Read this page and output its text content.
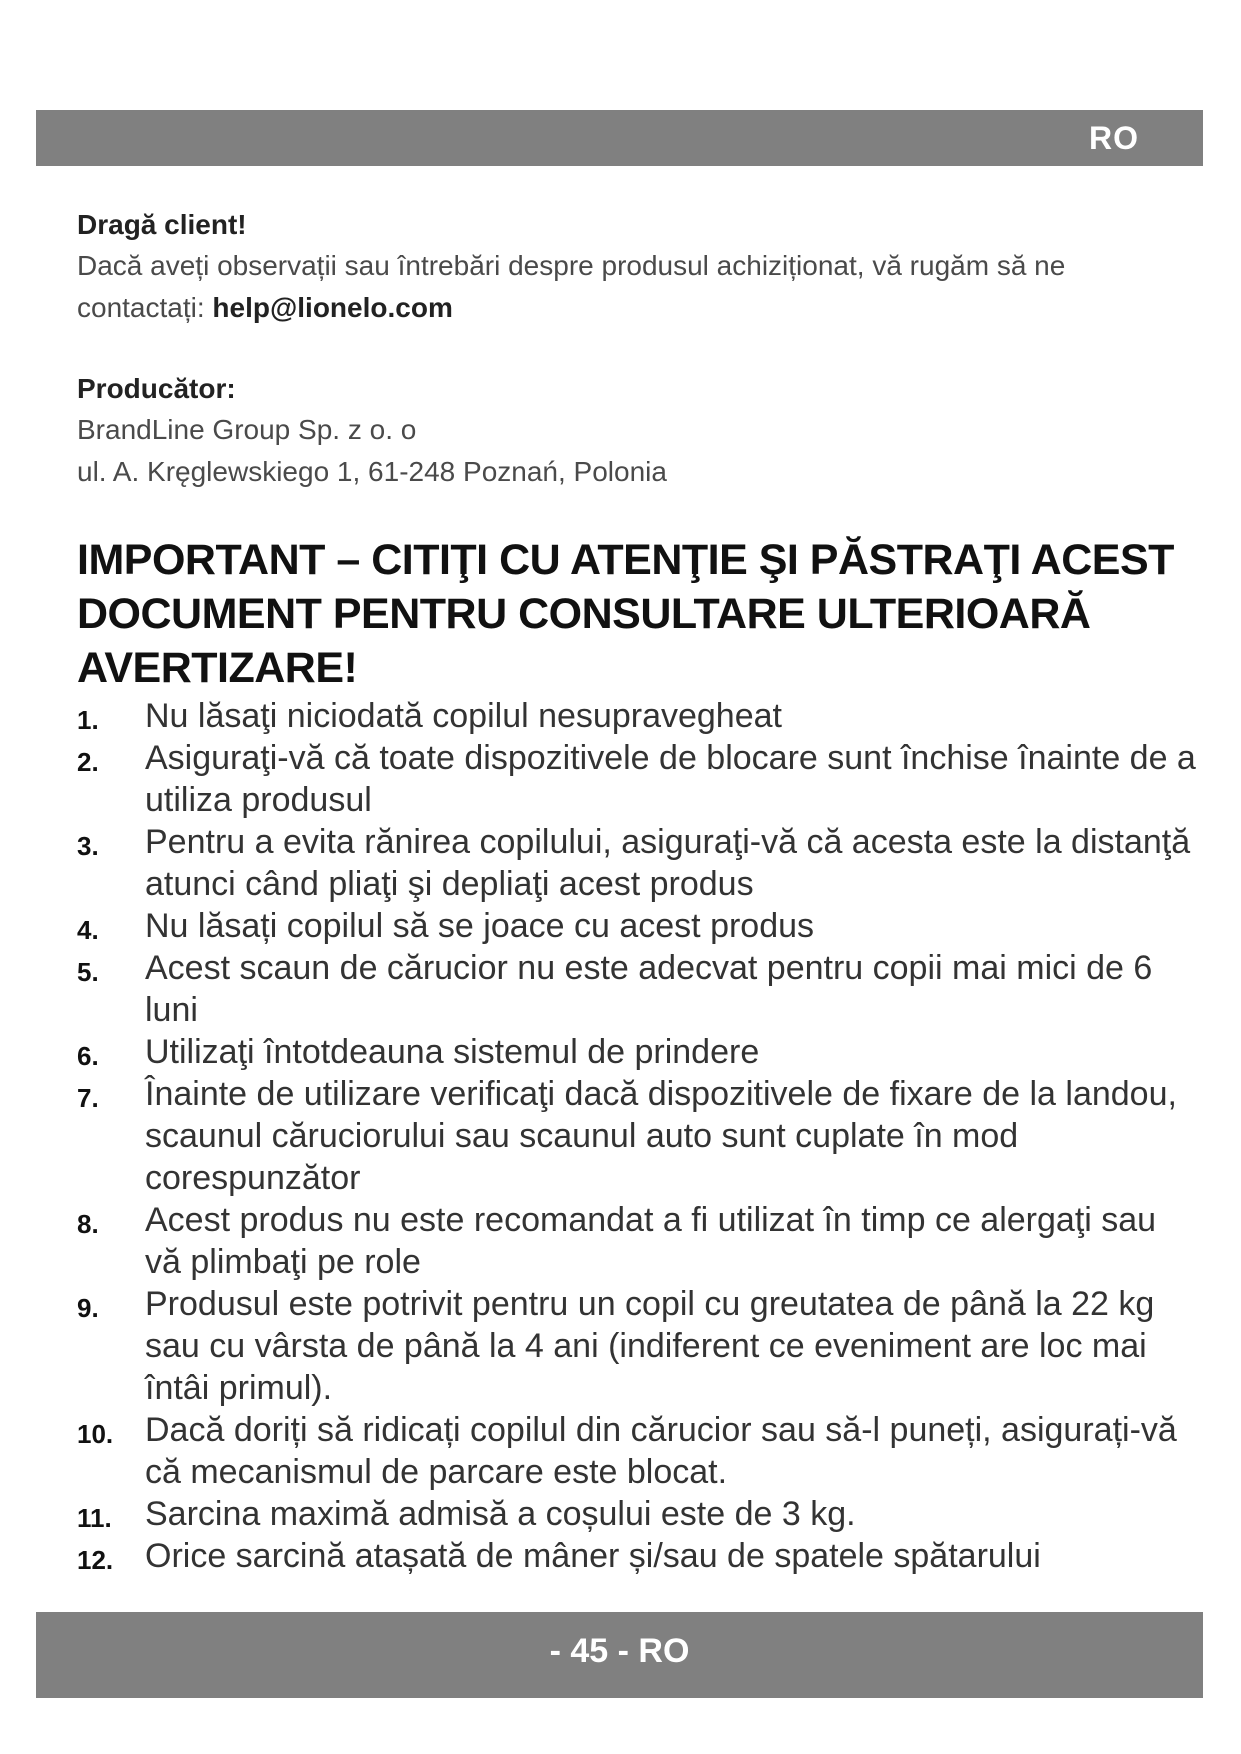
RO

Dragă client!

Dacă aveți observații sau întrebări despre produsul achiziționat, vă rugăm să ne contactați: help@lionelo.com

Producător:

BrandLine Group Sp. z o. o

ul. A. Kręglewskiego 1, 61-248 Poznań, Polonia

IMPORTANT – CITIŢI CU ATENŢIE ŞI PĂSTRAŢI ACEST
DOCUMENT PENTRU CONSULTARE ULTERIOARĂ
AVERTIZARE!
1. Nu lăsaţi niciodată copilul nesupravegheat
2. Asiguraţi-vă că toate dispozitivele de blocare sunt închise înainte de a utiliza produsul
3. Pentru a evita rănirea copilului, asiguraţi-vă că acesta este la distanţă atunci când pliaţi şi depliaţi acest produs
4. Nu lăsați copilul să se joace cu acest produs
5. Acest scaun de cărucior nu este adecvat pentru copii mai mici de 6 luni
6. Utilizaţi întotdeauna sistemul de prindere
7. Înainte de utilizare verificaţi dacă dispozitivele de fixare de la landou, scaunul căruciorului sau scaunul auto sunt cuplate în mod corespunzător
8. Acest produs nu este recomandat a fi utilizat în timp ce alergaţi sau vă plimbaţi pe role
9. Produsul este potrivit pentru un copil cu greutatea de până la 22 kg sau cu vârsta de până la 4 ani (indiferent ce eveniment are loc mai întâi primul).
10. Dacă doriți să ridicați copilul din cărucior sau să-l puneți, asigurați-vă că mecanismul de parcare este blocat.
11. Sarcina maximă admisă a coșului este de 3 kg.
12. Orice sarcină atașată de mâner și/sau de spatele spătarului
- 45 - RO
